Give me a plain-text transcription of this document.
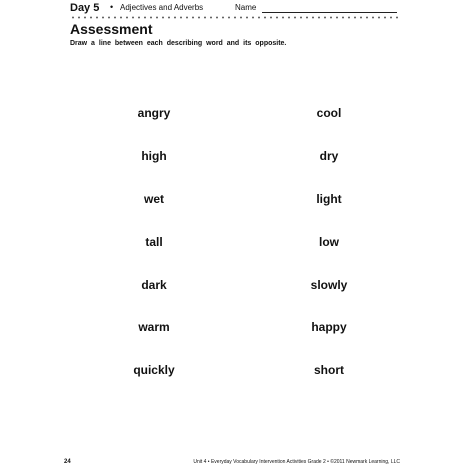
Day 5 • Adjectives and Adverbs	Name
Assessment
Draw a line between each describing word and its opposite.
angry
high
wet
tall
dark
warm
quickly
cool
dry
light
low
slowly
happy
short
24	Unit 4 • Everyday Vocabulary Intervention Activities Grade 2 • ©2011 Newmark Learning, LLC
